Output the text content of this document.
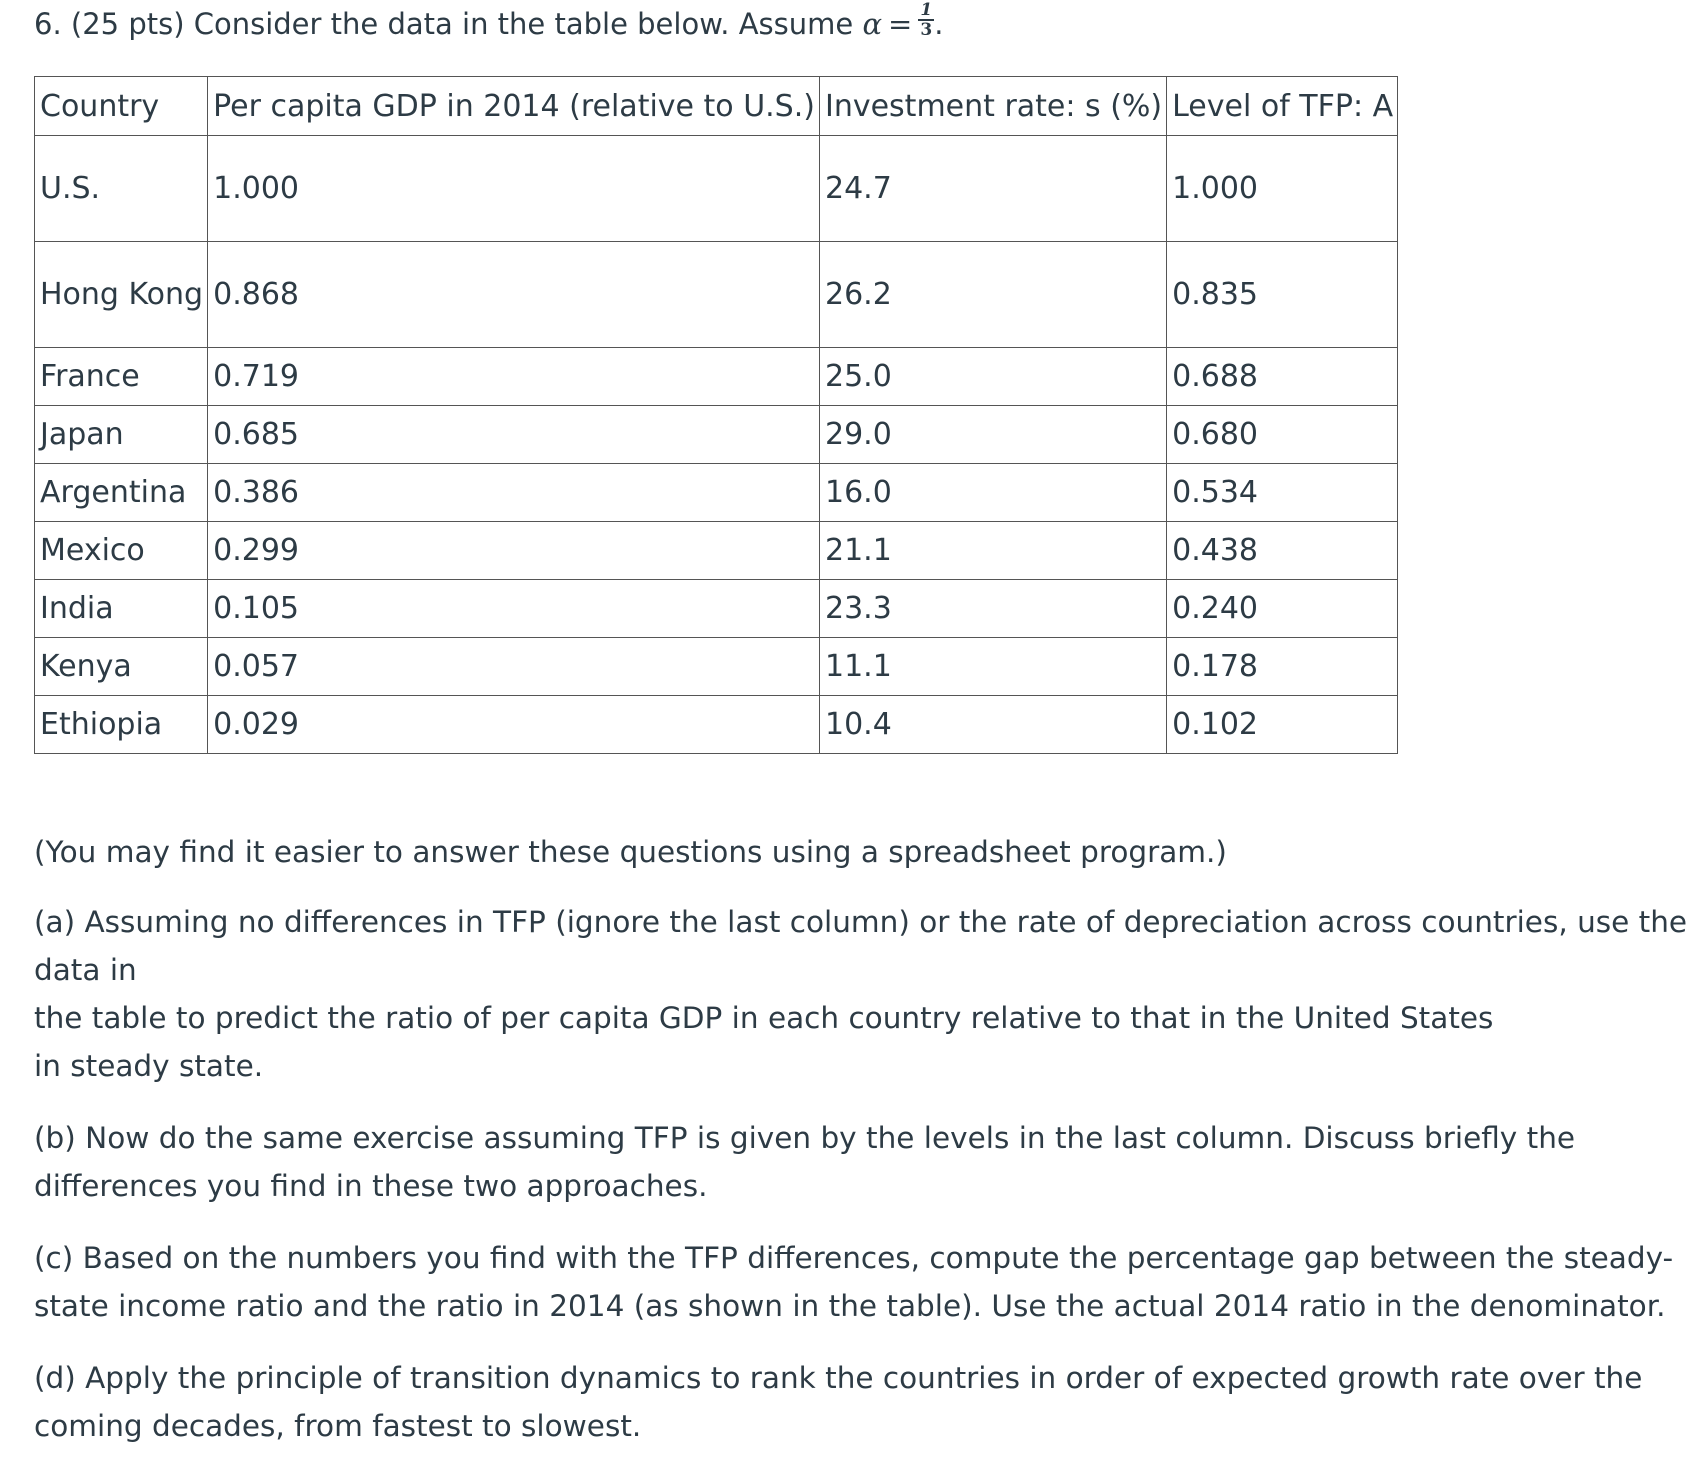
6. (25 pts) Consider the data in the table below. Assume $\alpha = \frac{1}{3}$ .
Country	Per capita GDP in 2014 (relative to U.S.)	Investment rate: s (%)	Level of TFP: A
U.S.	1.000	24.7	1.000
Hong Kong	0.868	26.2	0.835
France	0.719	25.0	0.688
Japan	0.685	29.0	0.680
Argentina	0.386	16.0	0.534
Mexico	0.299	21.1	0.438
India	0.105	23.3	0.240
Kenya	0.057	11.1	0.178
Ethiopia	0.029	10.4	0.102

(You may find it easier to answer these questions using a spreadsheet program.)

(a) Assuming no differences in TFP (ignore the last column) or the rate of depreciation across countries, use the data in
the table to predict the ratio of per capita GDP in each country relative to that in the United States
in steady state.

(b) Now do the same exercise assuming TFP is given by the levels in the last column. Discuss briefly the differences you find in these two approaches.

(c) Based on the numbers you find with the TFP differences, compute the percentage gap between the steady- state income ratio and the ratio in 2014 (as shown in the table). Use the actual 2014 ratio in the denominator.

(d) Apply the principle of transition dynamics to rank the countries in order of expected growth rate over the coming decades, from fastest to slowest.
